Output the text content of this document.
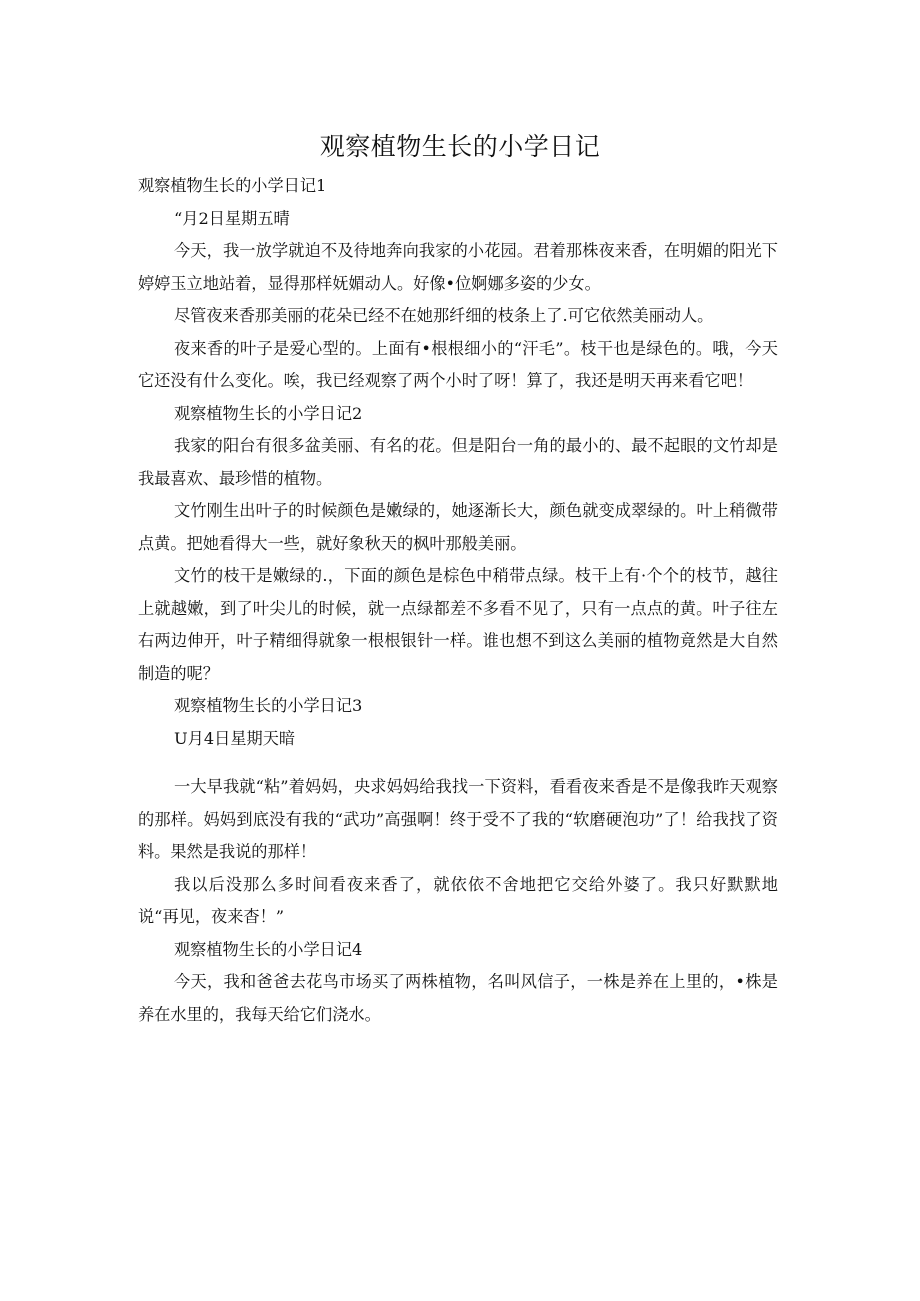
观察植物生长的小学日记

观察植物生长的小学日记1

“月2日星期五晴

今天，我一放学就迫不及待地奔向我家的小花园。君着那株夜来香，在明媚的阳光下婷婷玉立地站着，显得那样妩媚动人。好像•位婀娜多姿的少女。

尽管夜来香那美丽的花朵已经不在她那纤细的枝条上了.可它依然美丽动人。

夜来香的叶子是爱心型的。上面有•根根细小的“汗毛”。枝干也是绿色的。哦，今天它还没有什么变化。唉，我已经观察了两个小时了呀！算了，我还是明天再来看它吧！

观察植物生长的小学日记2

我家的阳台有很多盆美丽、有名的花。但是阳台一角的最小的、最不起眼的文竹却是我最喜欢、最珍惜的植物。

文竹刚生出叶子的时候颜色是嫩绿的，她逐渐长大，颜色就变成翠绿的。叶上稍微带点黄。把她看得大一些，就好象秋天的枫叶那般美丽。

文竹的枝干是嫩绿的.，下面的颜色是棕色中稍带点绿。枝干上有·个个的枝节，越往上就越嫩，到了叶尖儿的时候，就一点绿都差不多看不见了，只有一点点的黄。叶子往左右两边伸开，叶子精细得就象一根根银针一样。谁也想不到这么美丽的植物竟然是大自然制造的呢？

观察植物生长的小学日记3

U月4日星期天暗

一大早我就“粘”着妈妈，央求妈妈给我找一下资料，看看夜来香是不是像我昨天观察的那样。妈妈到底没有我的“武功”高强啊！终于受不了我的“软磨硬泡功”了！给我找了资料。果然是我说的那样！

我以后没那么多时间看夜来香了，就依依不舍地把它交给外婆了。我只好默默地说“再见，夜来杳！”

观察植物生长的小学日记4

今天，我和爸爸去花鸟市场买了两株植物，名叫风信子，一株是养在上里的，•株是养在水里的，我每天给它们浇水。
